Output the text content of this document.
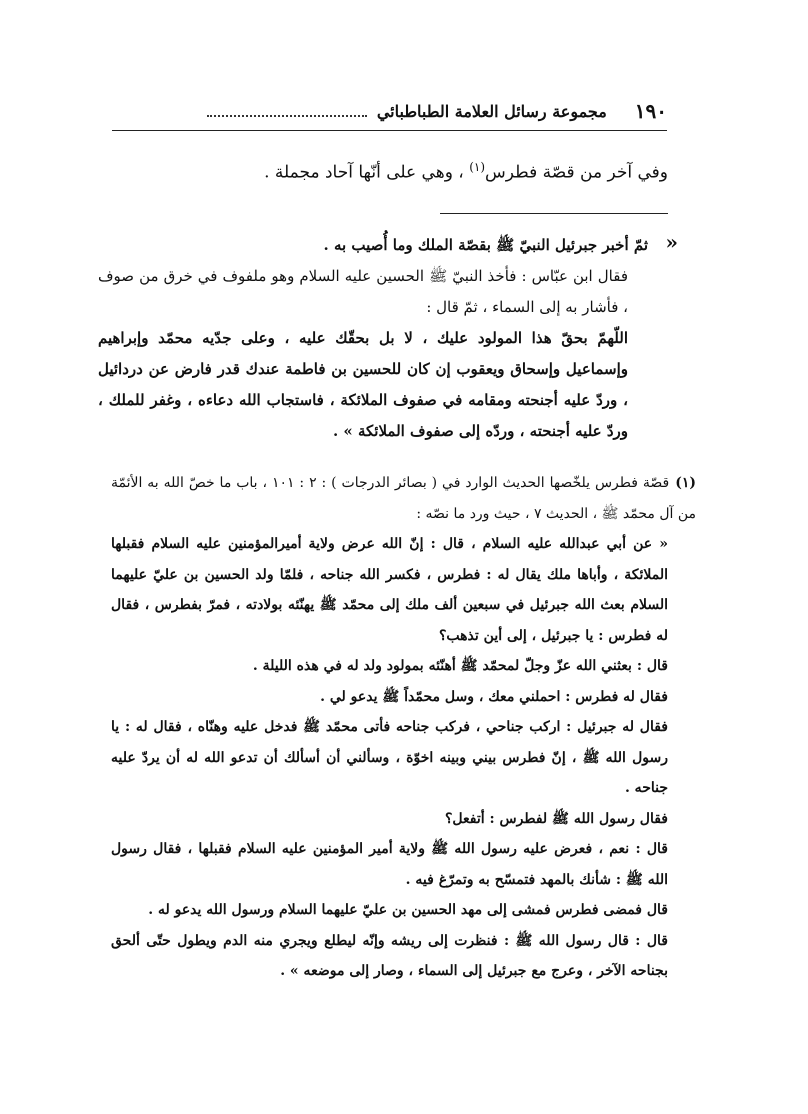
١٩٠
مجموعة رسائل العلامة الطباطبائي
وفي آخر من قصّة فطرس$^{(١)}$ ، وهي على أنّها آحاد مجملة .
«

ثمّ أخبر جبرئيل النبيّ ﷺ بقصّة الملك وما أُصيب به .

فقال ابن عبّاس : فأخذ النبيّ ﷺ الحسين عليه السلام وهو ملفوف في خرق من صوف ، فأشار به إلى السماء ، ثمّ قال :

اللّهمّ بحقّ هذا المولود عليك ، لا بل بحقّك عليه ، وعلى جدّيه محمّد وإبراهيم وإسماعيل وإسحاق ويعقوب إن كان للحسين بن فاطمة عندك قدر فارض عن دردائيل ، وردّ عليه أجنحته ومقامه في صفوف الملائكة ، فاستجاب الله دعاءه ، وغفر للملك ، وردّ عليه أجنحته ، وردّه إلى صفوف الملائكة » .

(١)قصّة فطرس يلخّصها الحديث الوارد في ( بصائر الدرجات ) : ٢ : ١٠١ ، باب ما خصّ الله به الأئمّة من آل محمّد ﷺ ، الحديث ٧ ، حيث ورد ما نصّه :

« عن أبي عبدالله عليه السلام ، قال : إنّ الله عرض ولاية أميرالمؤمنين عليه السلام فقبلها الملائكة ، وأباها ملك يقال له : فطرس ، فكسر الله جناحه ، فلمّا ولد الحسين بن عليّ عليهما السلام بعث الله جبرئيل في سبعين ألف ملك إلى محمّد ﷺ يهنّئه بولادته ، فمرّ بفطرس ، فقال له فطرس : يا جبرئيل ، إلى أين تذهب؟

قال : بعثني الله عزّ وجلّ لمحمّد ﷺ أهنّئه بمولود ولد له في هذه الليلة .

فقال له فطرس : احملني معك ، وسل محمّداً ﷺ يدعو لي .

فقال له جبرئيل : اركب جناحي ، فركب جناحه فأتى محمّد ﷺ فدخل عليه وهنّاه ، فقال له : يا رسول الله ﷺ ، إنّ فطرس بيني وبينه اخوّة ، وسألني أن أسألك أن تدعو الله له أن يردّ عليه جناحه .

فقال رسول الله ﷺ لفطرس : أتفعل؟

قال : نعم ، فعرض عليه رسول الله ﷺ ولاية أمير المؤمنين عليه السلام فقبلها ، فقال رسول الله ﷺ : شأنك بالمهد فتمسّح به وتمرّغ فيه .

قال فمضى فطرس فمشى إلى مهد الحسين بن عليّ عليهما السلام ورسول الله يدعو له .

قال : قال رسول الله ﷺ : فنظرت إلى ريشه وإنّه ليطلع ويجري منه الدم ويطول حتّى ألحق بجناحه الآخر ، وعرج مع جبرئيل إلى السماء ، وصار إلى موضعه » .
